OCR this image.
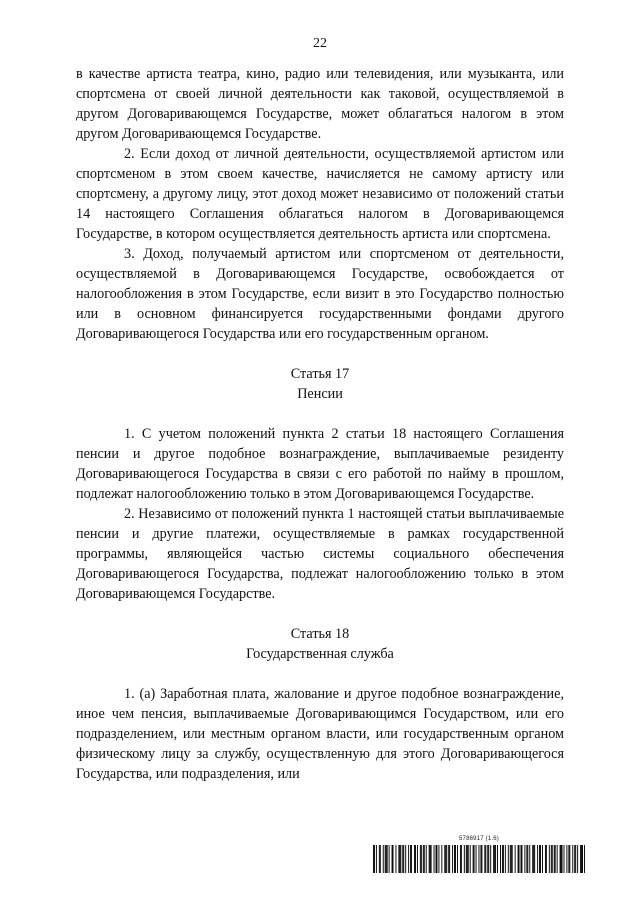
22

в качестве артиста театра, кино, радио или телевидения, или музыканта, или спортсмена от своей личной деятельности как таковой, осуществляемой в другом Договаривающемся Государстве, может облагаться налогом в этом другом Договаривающемся Государстве.

2. Если доход от личной деятельности, осуществляемой артистом или спортсменом в этом своем качестве, начисляется не самому артисту или спортсмену, а другому лицу, этот доход может независимо от положений статьи 14 настоящего Соглашения облагаться налогом в Договаривающемся Государстве, в котором осуществляется деятельность артиста или спортсмена.

3. Доход, получаемый артистом или спортсменом от деятельности, осуществляемой в Договаривающемся Государстве, освобождается от налогообложения в этом Государстве, если визит в это Государство полностью или в основном финансируется государственными фондами другого Договаривающегося Государства или его государственным органом.

Статья 17
Пенсии

1. С учетом положений пункта 2 статьи 18 настоящего Соглашения пенсии и другое подобное вознаграждение, выплачиваемые резиденту Договаривающегося Государства в связи с его работой по найму в прошлом, подлежат налогообложению только в этом Договаривающемся Государстве.

2. Независимо от положений пункта 1 настоящей статьи выплачиваемые пенсии и другие платежи, осуществляемые в рамках государственной программы, являющейся частью системы социального обеспечения Договаривающегося Государства, подлежат налогообложению только в этом Договаривающемся Государстве.

Статья 18
Государственная служба

1. (a) Заработная плата, жалование и другое подобное вознаграждение, иное чем пенсия, выплачиваемые Договаривающимся Государством, или его подразделением, или местным органом власти, или государственным органом физическому лицу за службу, осуществленную для этого Договаривающегося Государства, или подразделения, или

5786917 (1.6)
